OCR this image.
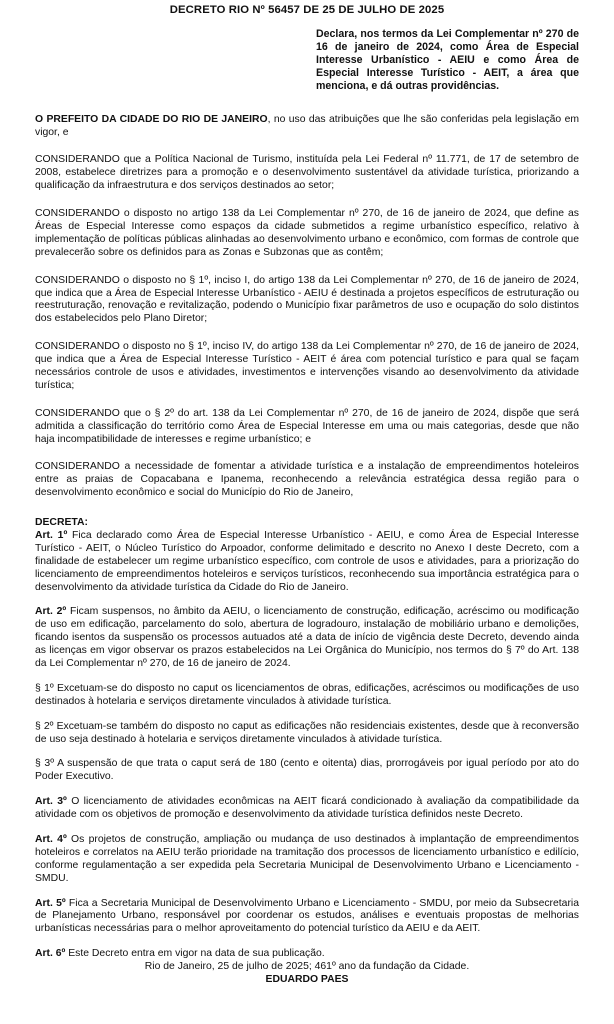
DECRETO RIO Nº 56457 DE 25 DE JULHO DE 2025
Declara, nos termos da Lei Complementar nº 270 de 16 de janeiro de 2024, como Área de Especial Interesse Urbanístico - AEIU e como Área de Especial Interesse Turístico - AEIT, a área que menciona, e dá outras providências.

O PREFEITO DA CIDADE DO RIO DE JANEIRO, no uso das atribuições que lhe são conferidas pela legislação em vigor, e

CONSIDERANDO que a Política Nacional de Turismo, instituída pela Lei Federal nº 11.771, de 17 de setembro de 2008, estabelece diretrizes para a promoção e o desenvolvimento sustentável da atividade turística, priorizando a qualificação da infraestrutura e dos serviços destinados ao setor;

CONSIDERANDO o disposto no artigo 138 da Lei Complementar nº 270, de 16 de janeiro de 2024, que define as Áreas de Especial Interesse como espaços da cidade submetidos a regime urbanístico específico, relativo à implementação de políticas públicas alinhadas ao desenvolvimento urbano e econômico, com formas de controle que prevalecerão sobre os definidos para as Zonas e Subzonas que as contêm;

CONSIDERANDO o disposto no § 1º, inciso I, do artigo 138 da Lei Complementar nº 270, de 16 de janeiro de 2024, que indica que a Área de Especial Interesse Urbanístico - AEIU é destinada a projetos específicos de estruturação ou reestruturação, renovação e revitalização, podendo o Município fixar parâmetros de uso e ocupação do solo distintos dos estabelecidos pelo Plano Diretor;

CONSIDERANDO o disposto no § 1º, inciso IV, do artigo 138 da Lei Complementar nº 270, de 16 de janeiro de 2024, que indica que a Área de Especial Interesse Turístico - AEIT é área com potencial turístico e para qual se façam necessários controle de usos e atividades, investimentos e intervenções visando ao desenvolvimento da atividade turística;

CONSIDERANDO que o § 2º do art. 138 da Lei Complementar nº 270, de 16 de janeiro de 2024, dispõe que será admitida a classificação do território como Área de Especial Interesse em uma ou mais categorias, desde que não haja incompatibilidade de interesses e regime urbanístico; e

CONSIDERANDO a necessidade de fomentar a atividade turística e a instalação de empreendimentos hoteleiros entre as praias de Copacabana e Ipanema, reconhecendo a relevância estratégica dessa região para o desenvolvimento econômico e social do Município do Rio de Janeiro,

DECRETA:

Art. 1º Fica declarado como Área de Especial Interesse Urbanístico - AEIU, e como Área de Especial Interesse Turístico - AEIT, o Núcleo Turístico do Arpoador, conforme delimitado e descrito no Anexo I deste Decreto, com a finalidade de estabelecer um regime urbanístico específico, com controle de usos e atividades, para a priorização do licenciamento de empreendimentos hoteleiros e serviços turísticos, reconhecendo sua importância estratégica para o desenvolvimento da atividade turística da Cidade do Rio de Janeiro.

Art. 2º Ficam suspensos, no âmbito da AEIU, o licenciamento de construção, edificação, acréscimo ou modificação de uso em edificação, parcelamento do solo, abertura de logradouro, instalação de mobiliário urbano e demolições, ficando isentos da suspensão os processos autuados até a data de início de vigência deste Decreto, devendo ainda as licenças em vigor observar os prazos estabelecidos na Lei Orgânica do Município, nos termos do § 7º do Art. 138 da Lei Complementar nº 270, de 16 de janeiro de 2024.

§ 1º Excetuam-se do disposto no caput os licenciamentos de obras, edificações, acréscimos ou modificações de uso destinados à hotelaria e serviços diretamente vinculados à atividade turística.

§ 2º Excetuam-se também do disposto no caput as edificações não residenciais existentes, desde que à reconversão de uso seja destinado à hotelaria e serviços diretamente vinculados à atividade turística.

§ 3º A suspensão de que trata o caput será de 180 (cento e oitenta) dias, prorrogáveis por igual período por ato do Poder Executivo.

Art. 3º O licenciamento de atividades econômicas na AEIT ficará condicionado à avaliação da compatibilidade da atividade com os objetivos de promoção e desenvolvimento da atividade turística definidos neste Decreto.

Art. 4º Os projetos de construção, ampliação ou mudança de uso destinados à implantação de empreendimentos hoteleiros e correlatos na AEIU terão prioridade na tramitação dos processos de licenciamento urbanístico e edilício, conforme regulamentação a ser expedida pela Secretaria Municipal de Desenvolvimento Urbano e Licenciamento - SMDU.

Art. 5º Fica a Secretaria Municipal de Desenvolvimento Urbano e Licenciamento - SMDU, por meio da Subsecretaria de Planejamento Urbano, responsável por coordenar os estudos, análises e eventuais propostas de melhorias urbanísticas necessárias para o melhor aproveitamento do potencial turístico da AEIU e da AEIT.

Art. 6º Este Decreto entra em vigor na data de sua publicação.

Rio de Janeiro, 25 de julho de 2025; 461º ano da fundação da Cidade.
EDUARDO PAES
